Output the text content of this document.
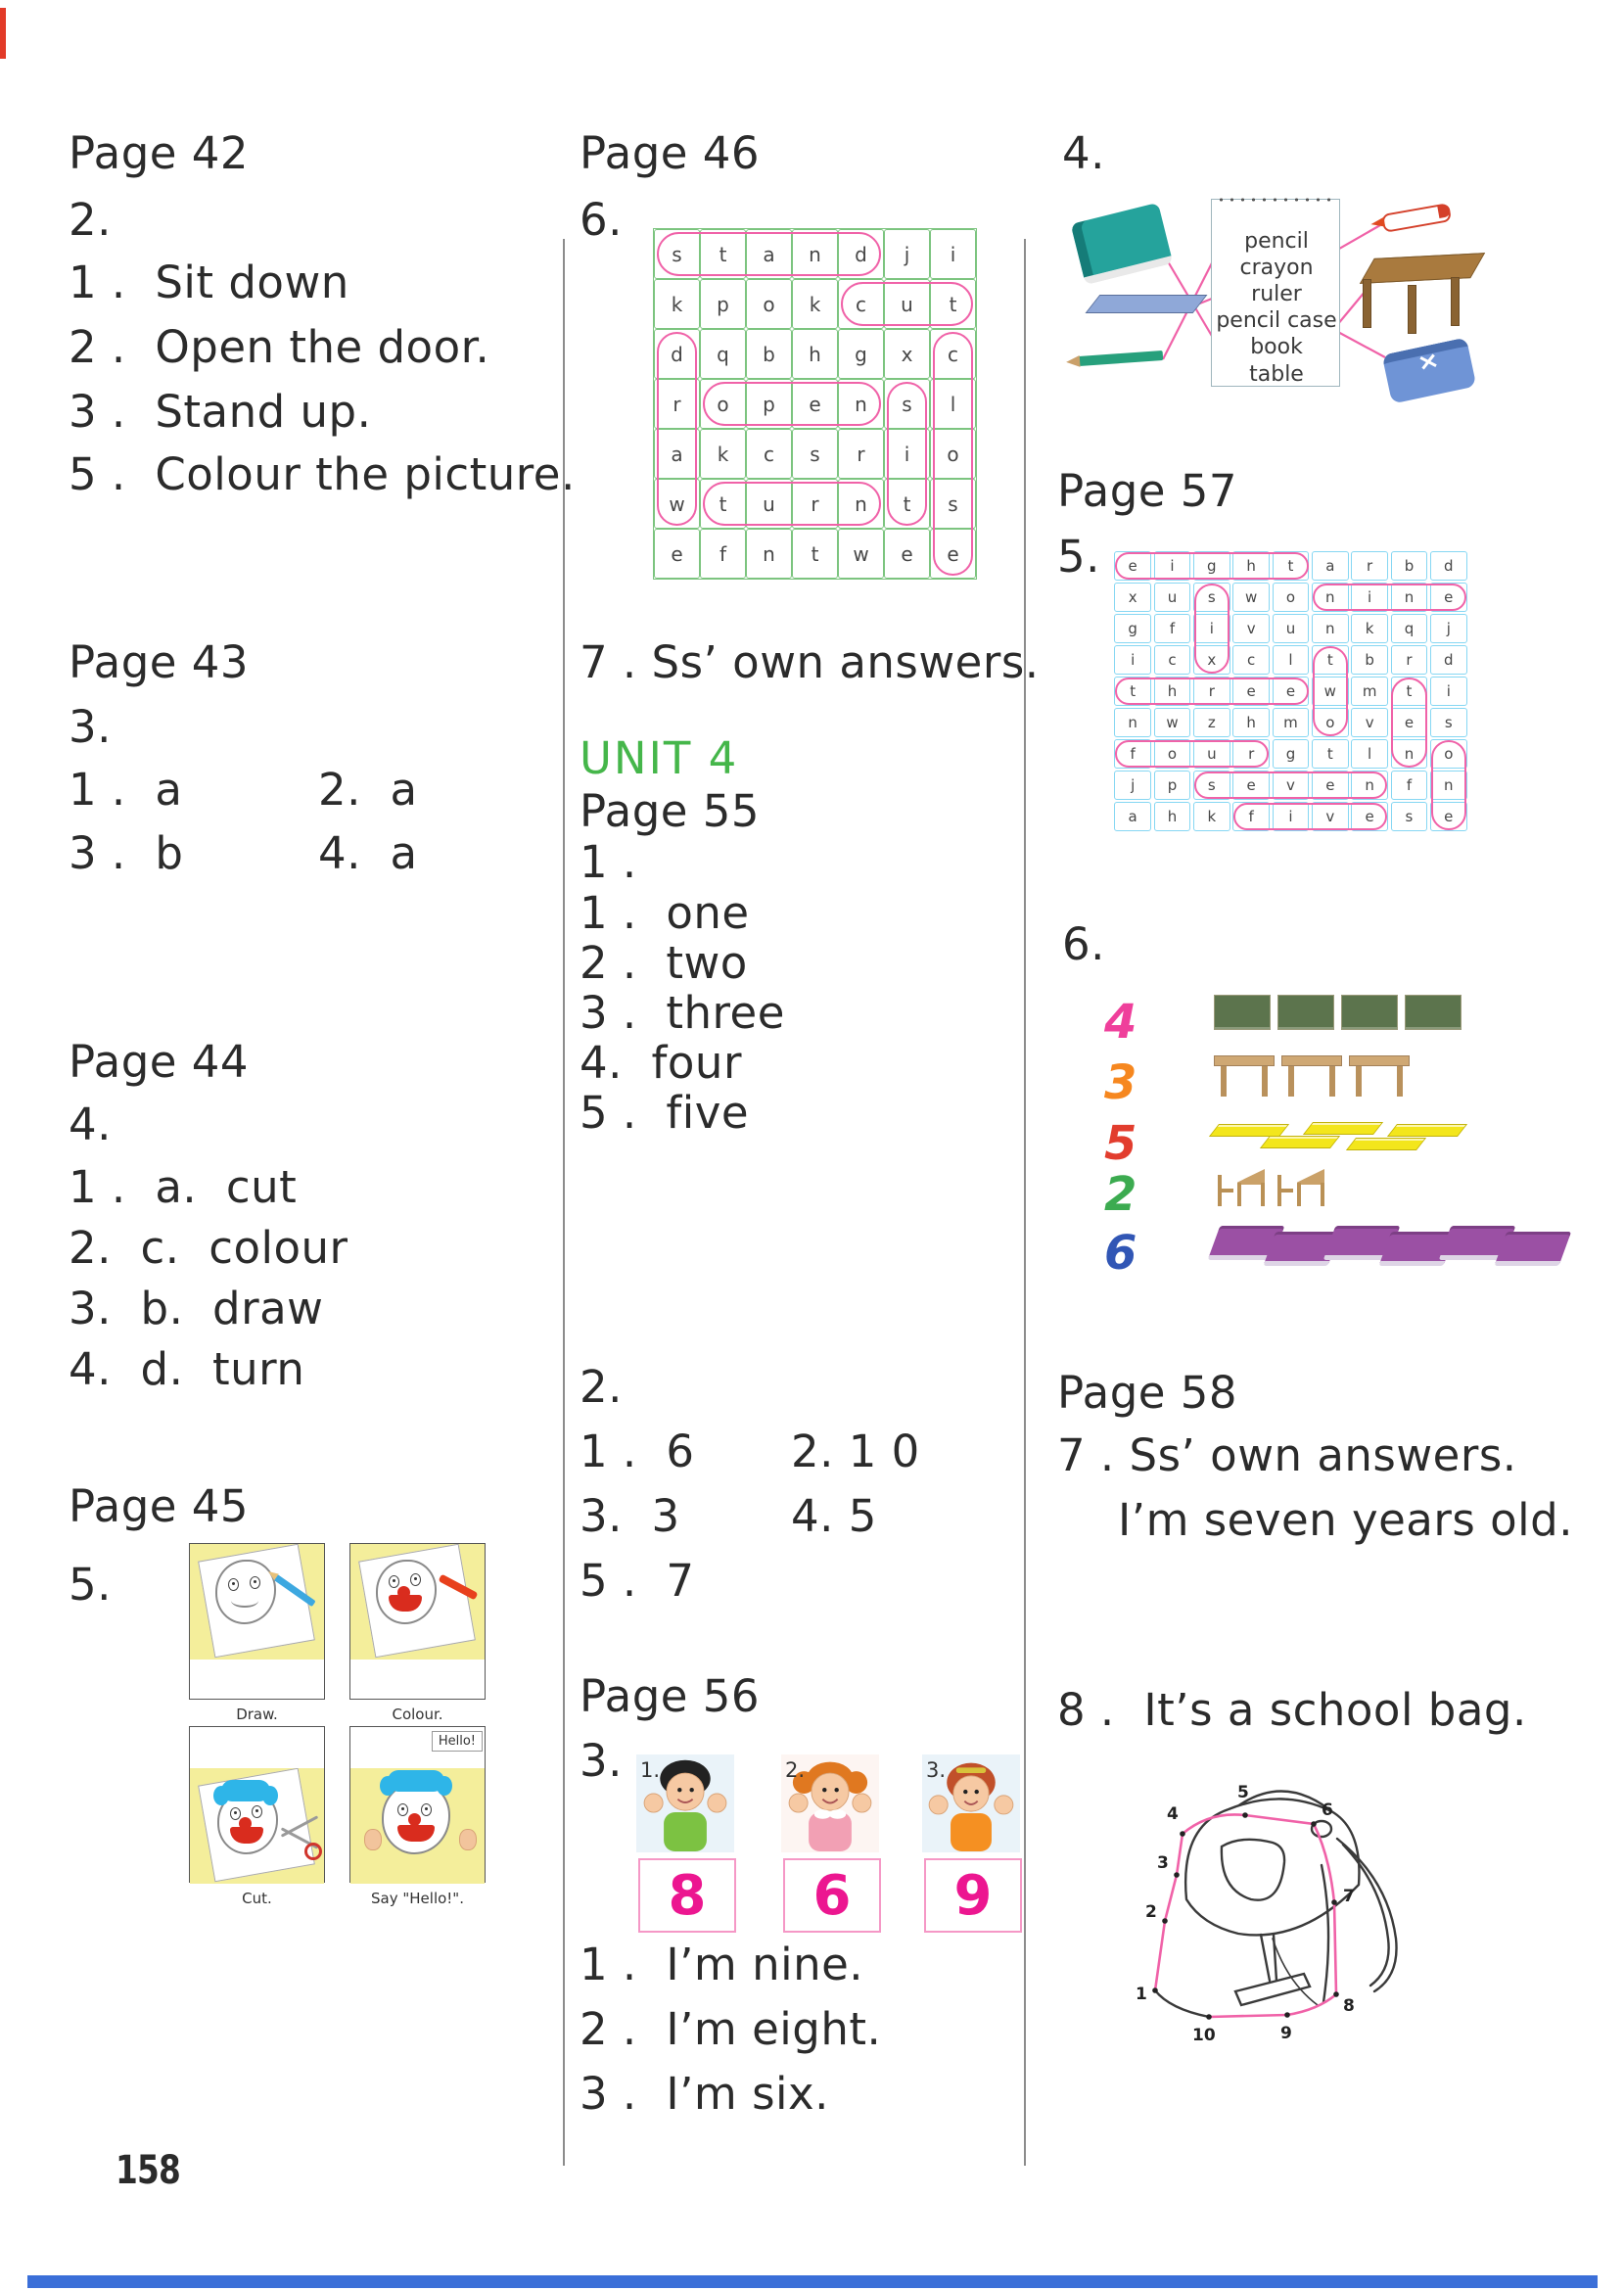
Page 42
2.
1 .  Sit down
2 .  Open the door.
3 .  Stand up.
5 .  Colour the picture.
Page 43
3.
1 .  a	2.  a
3 .  b	4.  a
Page 44
4.
1 .  a.  cut
2.  c.  colour
3.  b.  draw
4.  d.  turn
Page 45
5.
Hello!
Draw.	Colour.
Cut.	Say "Hello!".
158
Page 46
6.
s	t	a	n	d	j	i
k	p	o	k	c	u	t
d	q	b	h	g	x	c
r	o	p	e	n	s	l
a	k	c	s	r	i	o
w	t	u	r	n	t	s
e	f	n	t	w	e	e
7 . Ss’ own answers.
UNIT 4
Page 55
1 .
1 .  one
2 .  two
3 .  three
4.  four
5 .  five
2.
1 .  6 2. 1 0
3.  3	4. 5
5 .  7
Page 56
3. 1.
8
2.
6
3.
9
1 .  I’m nine.
2 .  I’m eight.
3 .  I’m six.
4.
pencil
crayon
ruler
pencil case
book
table
Page 57
5.	e	i	g	h	t	a	r	b	d
x	u	s	w	o	n	i	n	e
g	f	i	v	u	n	k	q	j
i	c	x	c	l	t	b	r	d
t	h	r	e	e	w	m	t	i
n	w	z	h	m	o	v	e	s
f	o	u	r	g	t	l	n	o
j	p	s	e	v	e	n	f	n
a	h	k	f	i	v	e	s	e
6.
4
3
5
2
6
Page 58
7 . Ss’ own answers.
I’m seven years old.
8 .  It’s a school bag.
1
2
3
4
5
6
7
8
9
10
